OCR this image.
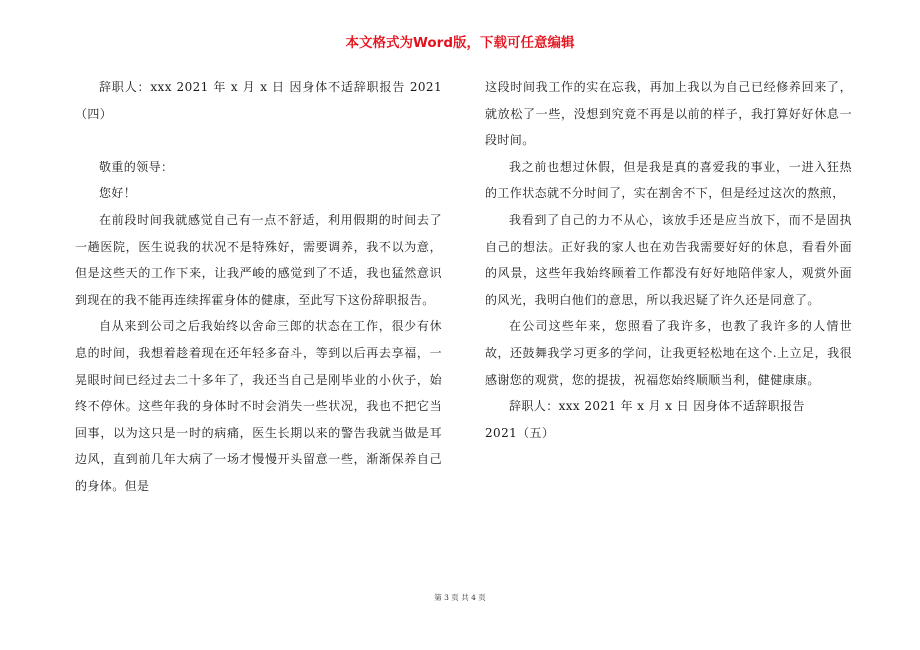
本文格式为Word版，下载可任意编辑

辞职人：xxx 2021 年 x 月 x 日 因身体不适辞职报告 2021（四）

敬重的领导：

您好！

在前段时间我就感觉自己有一点不舒适，利用假期的时间去了一趟医院，医生说我的状况不是特殊好，需要调养，我不以为意，但是这些天的工作下来，让我严峻的感觉到了不适，我也猛然意识到现在的我不能再连续挥霍身体的健康，至此写下这份辞职报告。

自从来到公司之后我始终以舍命三郎的状态在工作，很少有休息的时间，我想着趁着现在还年轻多奋斗，等到以后再去享福，一晃眼时间已经过去二十多年了，我还当自己是刚毕业的小伙子，始终不停休。这些年我的身体时不时会消失一些状况，我也不把它当回事，以为这只是一时的病痛，医生长期以来的警告我就当做是耳边风，直到前几年大病了一场才慢慢开头留意一些，渐渐保养自己的身体。但是

这段时间我工作的实在忘我，再加上我以为自己已经修养回来了，就放松了一些，没想到究竟不再是以前的样子，我打算好好休息一段时间。

我之前也想过休假，但是我是真的喜爱我的事业，一进入狂热的工作状态就不分时间了，实在割舍不下，但是经过这次的熬煎，

我看到了自己的力不从心，该放手还是应当放下，而不是固执自己的想法。正好我的家人也在劝告我需要好好的休息，看看外面的风景，这些年我始终顾着工作都没有好好地陪伴家人，观赏外面的风光，我明白他们的意思，所以我迟疑了许久还是同意了。

在公司这些年来，您照看了我许多，也教了我许多的人情世故，还鼓舞我学习更多的学问，让我更轻松地在这个.上立足，我很感谢您的观赏，您的提拔，祝福您始终顺顺当利，健健康康。

辞职人：xxx 2021 年 x 月 x 日 因身体不适辞职报告

2021（五）

第 3 页 共 4 页
